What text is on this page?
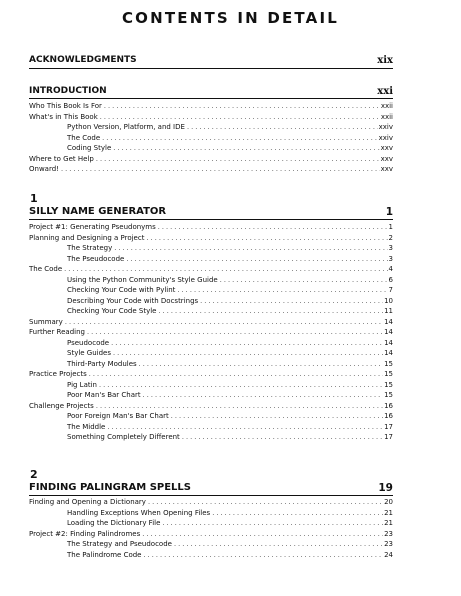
CONTENTS IN DETAIL
ACKNOWLEDGMENTS	xix
INTRODUCTION	xxi
Who This Book Is For . . .	xxii
What's in This Book . . .	xxii
Python Version, Platform, and IDE . . .	xxiv
The Code . . .	xxiv
Coding Style . . .	xxv
Where to Get Help . . .	xxv
Onward! . . .	xxv
1
SILLY NAME GENERATOR	1
Project #1: Generating Pseudonyms . . .	1
Planning and Designing a Project . . .	2
The Strategy . . .	3
The Pseudocode . . .	3
The Code . . .	4
Using the Python Community's Style Guide . . .	6
Checking Your Code with Pylint . . .	7
Describing Your Code with Docstrings . . .	10
Checking Your Code Style . . .	11
Summary . . .	14
Further Reading . . .	14
Pseudocode . . .	14
Style Guides . . .	14
Third-Party Modules . . .	15
Practice Projects . . .	15
Pig Latin . . .	15
Poor Man's Bar Chart . . .	15
Challenge Projects . . .	16
Poor Foreign Man's Bar Chart . . .	16
The Middle . . .	17
Something Completely Different . . .	17
2
FINDING PALINGRAM SPELLS	19
Finding and Opening a Dictionary . . .	20
Handling Exceptions When Opening Files . . .	21
Loading the Dictionary File . . .	21
Project #2: Finding Palindromes . . .	23
The Strategy and Pseudocode . . .	23
The Palindrome Code . . .	24
